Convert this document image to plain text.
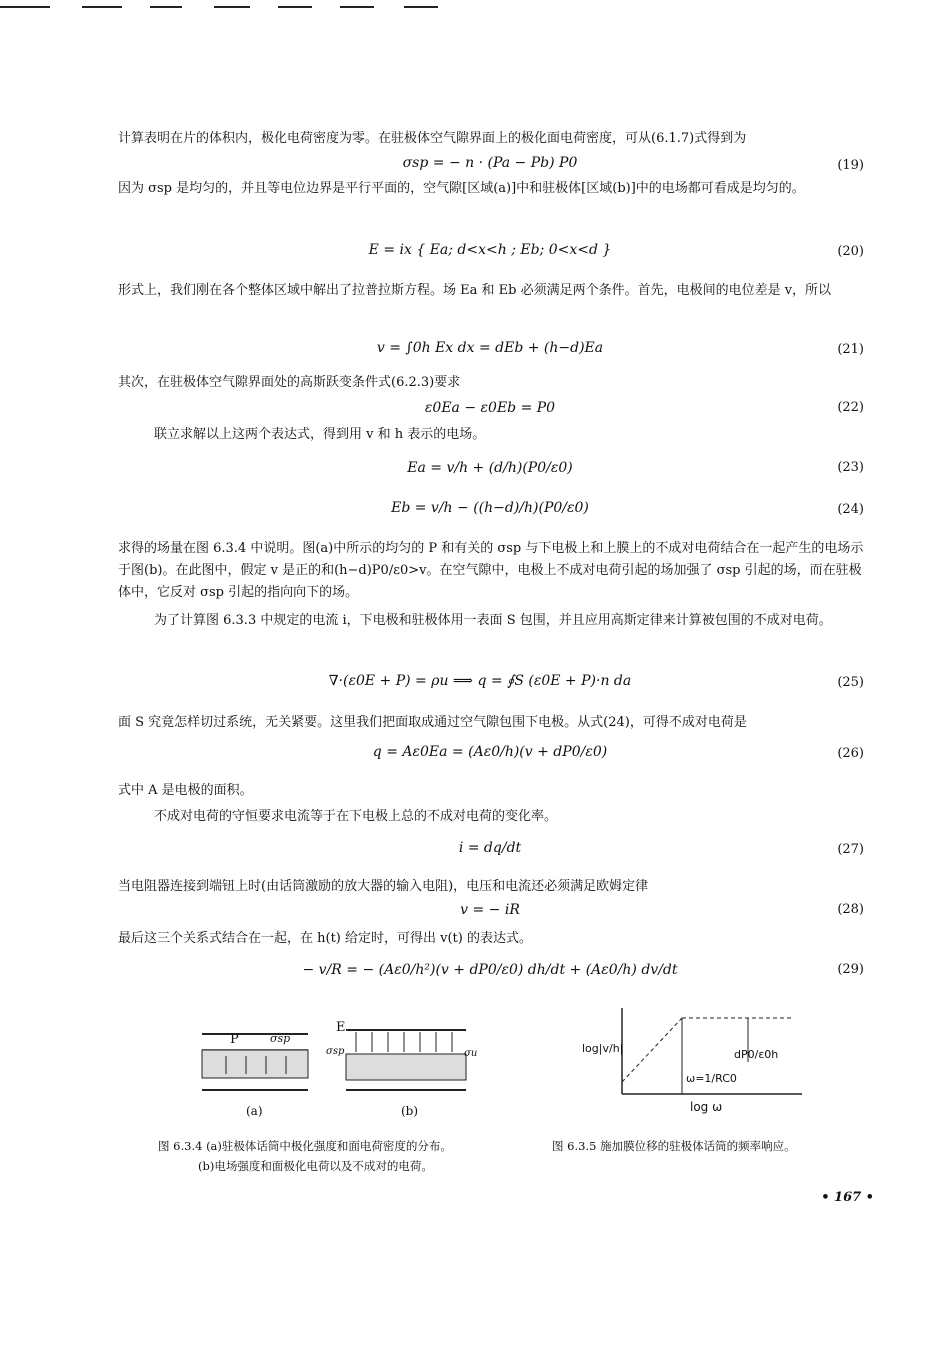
计算表明在片的体积内，极化电荷密度为零。在驻极体空气隙界面上的极化面电荷密度，可从(6.1.7)式得到为
σsp = − n · (Pa − Pb) P0	(19)
因为 σsp 是均匀的，并且等电位边界是平行平面的，空气隙[区域(a)]中和驻极体[区域(b)]中的电场都可看成是均匀的。
E = ix { Ea; d<x<h ; Eb; 0<x<d }	(20)
形式上，我们刚在各个整体区域中解出了拉普拉斯方程。场 Ea 和 Eb 必须满足两个条件。首先，电极间的电位差是 v，所以
v = ∫0h Ex dx = dEb + (h−d)Ea	(21)
其次，在驻极体空气隙界面处的高斯跃变条件式(6.2.3)要求
ε0Ea − ε0Eb = P0	(22)
联立求解以上这两个表达式，得到用 v 和 h 表示的电场。
Ea = v/h + (d/h)(P0/ε0)	(23)
Eb = v/h − ((h−d)/h)(P0/ε0)	(24)
求得的场量在图 6.3.4 中说明。图(a)中所示的均匀的 P 和有关的 σsp 与下电极上和上膜上的不成对电荷结合在一起产生的电场示于图(b)。在此图中，假定 v 是正的和(h−d)P0/ε0>v。在空气隙中，电极上不成对电荷引起的场加强了 σsp 引起的场，而在驻极体中，它反对 σsp 引起的指向向下的场。
为了计算图 6.3.3 中规定的电流 i，下电极和驻极体用一表面 S 包围，并且应用高斯定律来计算被包围的不成对电荷。
∇·(ε0E + P) = ρu ⟹ q = ∮S (ε0E + P)·n da	(25)
面 S 究竟怎样切过系统，无关紧要。这里我们把面取成通过空气隙包围下电极。从式(24)，可得不成对电荷是
q = Aε0Ea = (Aε0/h)(v + dP0/ε0)	(26)
式中 A 是电极的面积。
不成对电荷的守恒要求电流等于在下电极上总的不成对电荷的变化率。
i = dq/dt	(27)
当电阻器连接到端钮上时(由话筒激励的放大器的输入电阻)，电压和电流还必须满足欧姆定律
v = − iR	(28)
最后这三个关系式结合在一起，在 h(t) 给定时，可得出 v(t) 的表达式。
− v/R = − (Aε0/h²)(v + dP0/ε0) dh/dt + (Aε0/h) dv/dt	(29)
P	σsp
E
σsp	σu
(a)	(b)
图 6.3.4 (a)驻极体话筒中极化强度和面电荷密度的分布。
(b)电场强度和面极化电荷以及不成对的电荷。
log|v/h|
ω=1/RC0
dP0/ε0h
log ω
图 6.3.5 施加膜位移的驻极体话筒的频率响应。
• 167 •
